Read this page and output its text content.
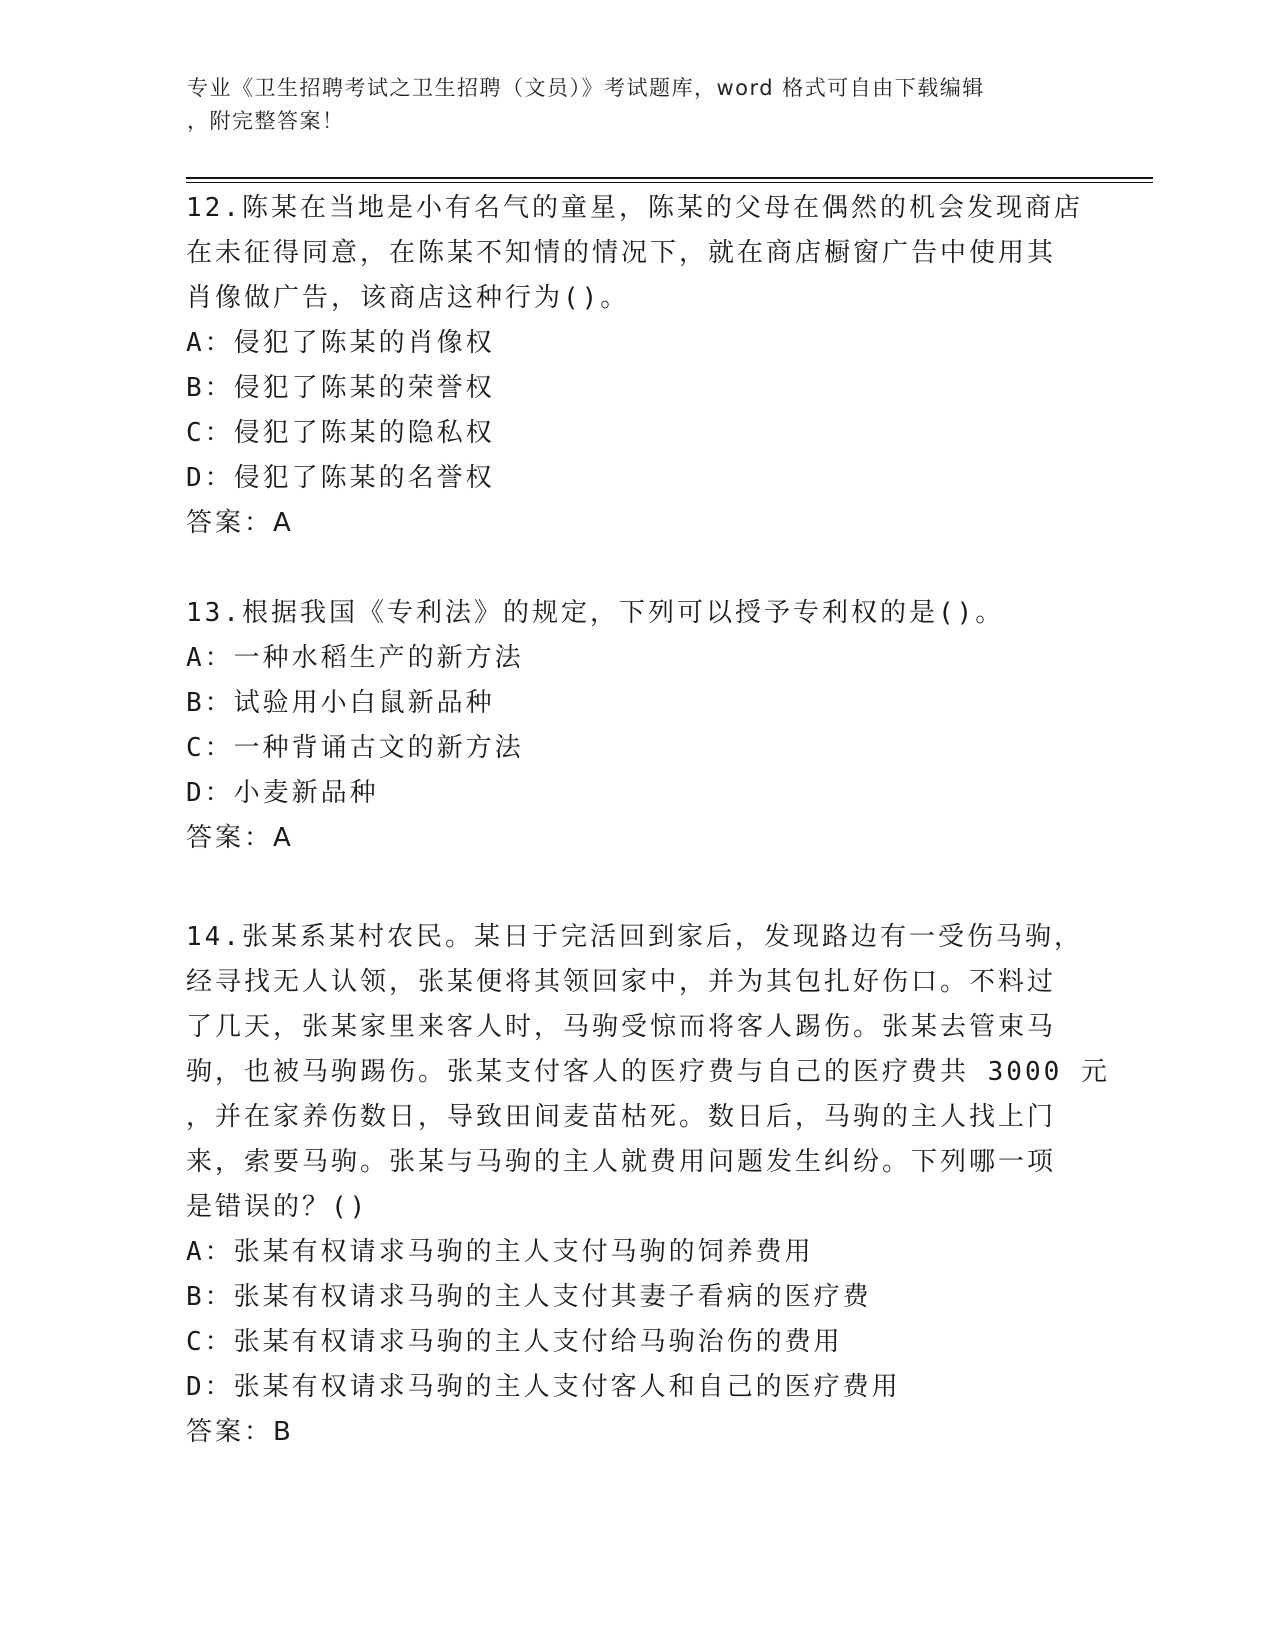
专业《卫生招聘考试之卫生招聘（文员）》考试题库，word 格式可自由下载编辑
，附完整答案！
12.陈某在当地是小有名气的童星，陈某的父母在偶然的机会发现商店
在未征得同意，在陈某不知情的情况下，就在商店橱窗广告中使用其
肖像做广告，该商店这种行为()。
A：侵犯了陈某的肖像权
B：侵犯了陈某的荣誉权
C：侵犯了陈某的隐私权
D：侵犯了陈某的名誉权
答案：A
13.根据我国《专利法》的规定，下列可以授予专利权的是()。
A：一种水稻生产的新方法
B：试验用小白鼠新品种
C：一种背诵古文的新方法
D：小麦新品种
答案：A
14.张某系某村农民。某日于完活回到家后，发现路边有一受伤马驹，
经寻找无人认领，张某便将其领回家中，并为其包扎好伤口。不料过
了几天，张某家里来客人时，马驹受惊而将客人踢伤。张某去管束马
驹，也被马驹踢伤。张某支付客人的医疗费与自己的医疗费共 3000 元
，并在家养伤数日，导致田间麦苗枯死。数日后，马驹的主人找上门
来，索要马驹。张某与马驹的主人就费用问题发生纠纷。下列哪一项
是错误的？()
A：张某有权请求马驹的主人支付马驹的饲养费用
B：张某有权请求马驹的主人支付其妻子看病的医疗费
C：张某有权请求马驹的主人支付给马驹治伤的费用
D：张某有权请求马驹的主人支付客人和自己的医疗费用
答案：B
